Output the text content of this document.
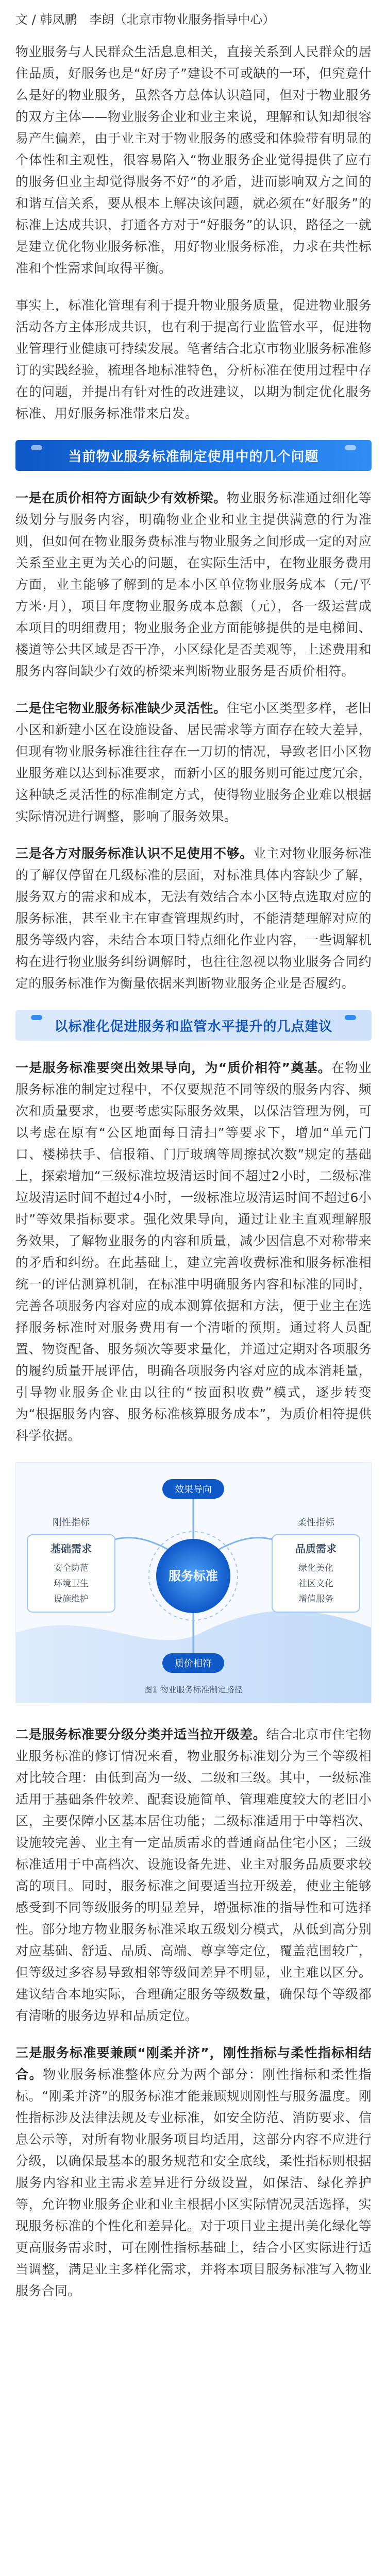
文 / 韩凤鹏　李朗（北京市物业服务指导中心）

物业服务与人民群众生活息息相关，直接关系到人民群众的居住品质，好服务也是“好房子”建设不可或缺的一环，但究竟什么是好的物业服务，虽然各方总体认识趋同，但对于物业服务的双方主体——物业服务企业和业主来说，理解和认知却很容易产生偏差，由于业主对于物业服务的感受和体验带有明显的个体性和主观性，很容易陷入“物业服务企业觉得提供了应有的服务但业主却觉得服务不好”的矛盾，进而影响双方之间的和谐互信关系，要从根本上解决该问题，就必须在“好服务”的标准上达成共识，打通各方对于“好服务”的认识，路径之一就是建立优化物业服务标准，用好物业服务标准，力求在共性标准和个性需求间取得平衡。

事实上，标准化管理有利于提升物业服务质量，促进物业服务活动各方主体形成共识，也有利于提高行业监管水平，促进物业管理行业健康可持续发展。笔者结合北京市物业服务标准修订的实践经验，梳理各地标准特色，分析标准在使用过程中存在的问题，并提出有针对性的改进建议，以期为制定优化服务标准、用好服务标准带来启发。

当前物业服务标准制定使用中的几个问题

一是在质价相符方面缺少有效桥梁。物业服务标准通过细化等级划分与服务内容，明确物业企业和业主提供满意的行为准则，但如何在物业服务费标准与物业服务之间形成一定的对应关系至业主更为关心的问题，在实际生活中，在物业服务费用方面，业主能够了解到的是本小区单位物业服务成本（元/平方米·月），项目年度物业服务成本总额（元），各一级运营成本项目的明细费用；物业服务企业方面能够提供的是电梯间、楼道等公共区域是否干净，小区绿化是否美观等，上述费用和服务内容间缺少有效的桥梁来判断物业服务是否质价相符。

二是住宅物业服务标准缺少灵活性。住宅小区类型多样，老旧小区和新建小区在设施设备、居民需求等方面存在较大差异，但现有物业服务标准往往存在一刀切的情况，导致老旧小区物业服务难以达到标准要求，而新小区的服务则可能过度冗余，这种缺乏灵活性的标准制定方式，使得物业服务企业难以根据实际情况进行调整，影响了服务效果。

三是各方对服务标准认识不足使用不够。业主对物业服务标准的了解仅停留在几级标准的层面，对标准具体内容缺少了解，服务双方的需求和成本，无法有效结合本小区特点选取对应的服务标准，甚至业主在审查管理规约时，不能清楚理解对应的服务等级内容，未结合本项目特点细化作业内容，一些调解机构在进行物业服务纠纷调解时，也往往忽视以物业服务合同约定的服务标准作为衡量依据来判断物业服务企业是否履约。

以标准化促进服务和监管水平提升的几点建议

一是服务标准要突出效果导向，为“质价相符”奠基。在物业服务标准的制定过程中，不仅要规范不同等级的服务内容、频次和质量要求，也要考虑实际服务效果，以保洁管理为例，可以考虑在原有“公区地面每日清扫”等要求下，增加“单元门口、楼梯扶手、信报箱、门厅玻璃等周擦拭次数”规定的基础上，探索增加“三级标准垃圾清运时间不超过2小时，二级标准垃圾清运时间不超过4小时，一级标准垃圾清运时间不超过6小时”等效果指标要求。强化效果导向，通过让业主直观理解服务效果，了解物业服务的内容和质量，减少因信息不对称带来的矛盾和纠纷。在此基础上，建立完善收费标准和服务标准相统一的评估测算机制，在标准中明确服务内容和标准的同时，完善各项服务内容对应的成本测算依据和方法，便于业主在选择服务标准时对服务费用有一个清晰的预期。通过将人员配置、物资配备、服务频次等要求量化，并通过定期对各项服务的履约质量开展评估，明确各项服务内容对应的成本消耗量，引导物业服务企业由以往的“按面积收费”模式，逐步转变为“根据服务内容、服务标准核算服务成本”，为质价相符提供科学依据。

基础需求
安全防范
环境卫生
设施维护
品质需求
绿化美化
社区文化
增值服务
服务标准
效果导向
质价相符
刚性指标	柔性指标
图1 物业服务标准制定路径

二是服务标准要分级分类并适当拉开级差。结合北京市住宅物业服务标准的修订情况来看，物业服务标准划分为三个等级相对比较合理：由低到高为一级、二级和三级。其中，一级标准适用于基础条件较差、配套设施简单、管理难度较大的老旧小区，主要保障小区基本居住功能；二级标准适用于中等档次、设施较完善、业主有一定品质需求的普通商品住宅小区；三级标准适用于中高档次、设施设备先进、业主对服务品质要求较高的项目。同时，服务标准之间要适当拉开级差，使业主能够感受到不同等级服务的明显差异，增强标准的指导性和可选择性。部分地方物业服务标准采取五级划分模式，从低到高分别对应基础、舒适、品质、高端、尊享等定位，覆盖范围较广，但等级过多容易导致相邻等级间差异不明显，业主难以区分。建议结合本地实际，合理确定服务等级数量，确保每个等级都有清晰的服务边界和品质定位。

三是服务标准要兼顾“刚柔并济”，刚性指标与柔性指标相结合。物业服务标准整体应分为两个部分：刚性指标和柔性指标。“刚柔并济”的服务标准才能兼顾规则刚性与服务温度。刚性指标涉及法律法规及专业标准，如安全防范、消防要求、信息公示等，对所有物业服务项目均适用，这部分内容不应进行分级，以确保最基本的服务规范和安全底线，柔性指标则根据服务内容和业主需求差异进行分级设置，如保洁、绿化养护等，允许物业服务企业和业主根据小区实际情况灵活选择，实现服务标准的个性化和差异化。对于项目业主提出美化绿化等更高服务需求时，可在刚性指标基础上，结合小区实际进行适当调整，满足业主多样化需求，并将本项目服务标准写入物业服务合同。
